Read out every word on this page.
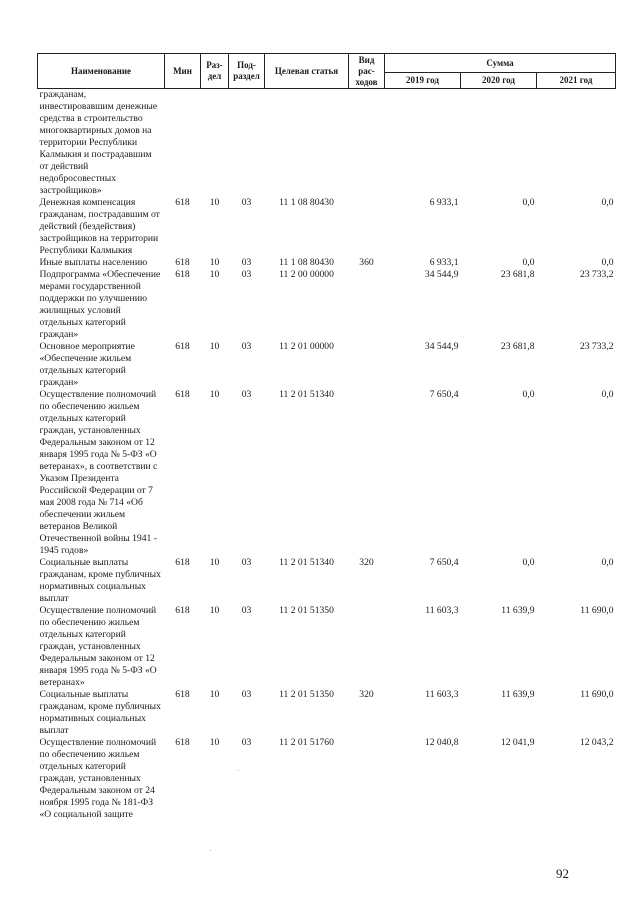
Наименование	Мин	Раз-дел	Под-раздел	Целевая статья	Вид рас-ходов	Сумма		
						2019 год	2020 год	2021 год
гражданам, инвестировавшим денежные средства в строительство многоквартирных домов на территории Республики Калмыкия и пострадавшим от действий недобросовестных застройщиков»								
Денежная компенсация гражданам, пострадавшим от действий (бездействия) застройщиков на территории Республики Калмыкия	618	10	03	11 1 08 80430		6 933,1	0,0	0,0
Иные выплаты населению	618	10	03	11 1 08 80430	360	6 933,1	0,0	0,0
Подпрограмма «Обеспечение мерами государственной поддержки по улучшению жилищных условий отдельных категорий граждан»	618	10	03	11 2 00 00000		34 544,9	23 681,8	23 733,2
Основное мероприятие «Обеспечение жильем отдельных категорий граждан»	618	10	03	11 2 01 00000		34 544,9	23 681,8	23 733,2
Осуществление полномочий по обеспечению жильем отдельных категорий граждан, установленных Федеральным законом от 12 января 1995 года № 5-ФЗ «О ветеранах», в соответствии с Указом Президента Российской Федерации от 7 мая 2008 года № 714 «Об обеспечении жильем ветеранов Великой Отечественной войны 1941 - 1945 годов»	618	10	03	11 2 01 51340		7 650,4	0,0	0,0
Социальные выплаты гражданам, кроме публичных нормативных социальных выплат	618	10	03	11 2 01 51340	320	7 650,4	0,0	0,0
Осуществление полномочий по обеспечению жильем отдельных категорий граждан, установленных Федеральным законом от 12 января 1995 года № 5-ФЗ «О ветеранах»	618	10	03	11 2 01 51350		11 603,3	11 639,9	11 690,0
Социальные выплаты гражданам, кроме публичных нормативных социальных выплат	618	10	03	11 2 01 51350	320	11 603,3	11 639,9	11 690,0
Осуществление полномочий по обеспечению жильем отдельных категорий граждан, установленных Федеральным законом от 24 ноября 1995 года № 181-ФЗ «О социальной защите	618	10	03	11 2 01 51760		12 040,8	12 041,9	12 043,2
92
